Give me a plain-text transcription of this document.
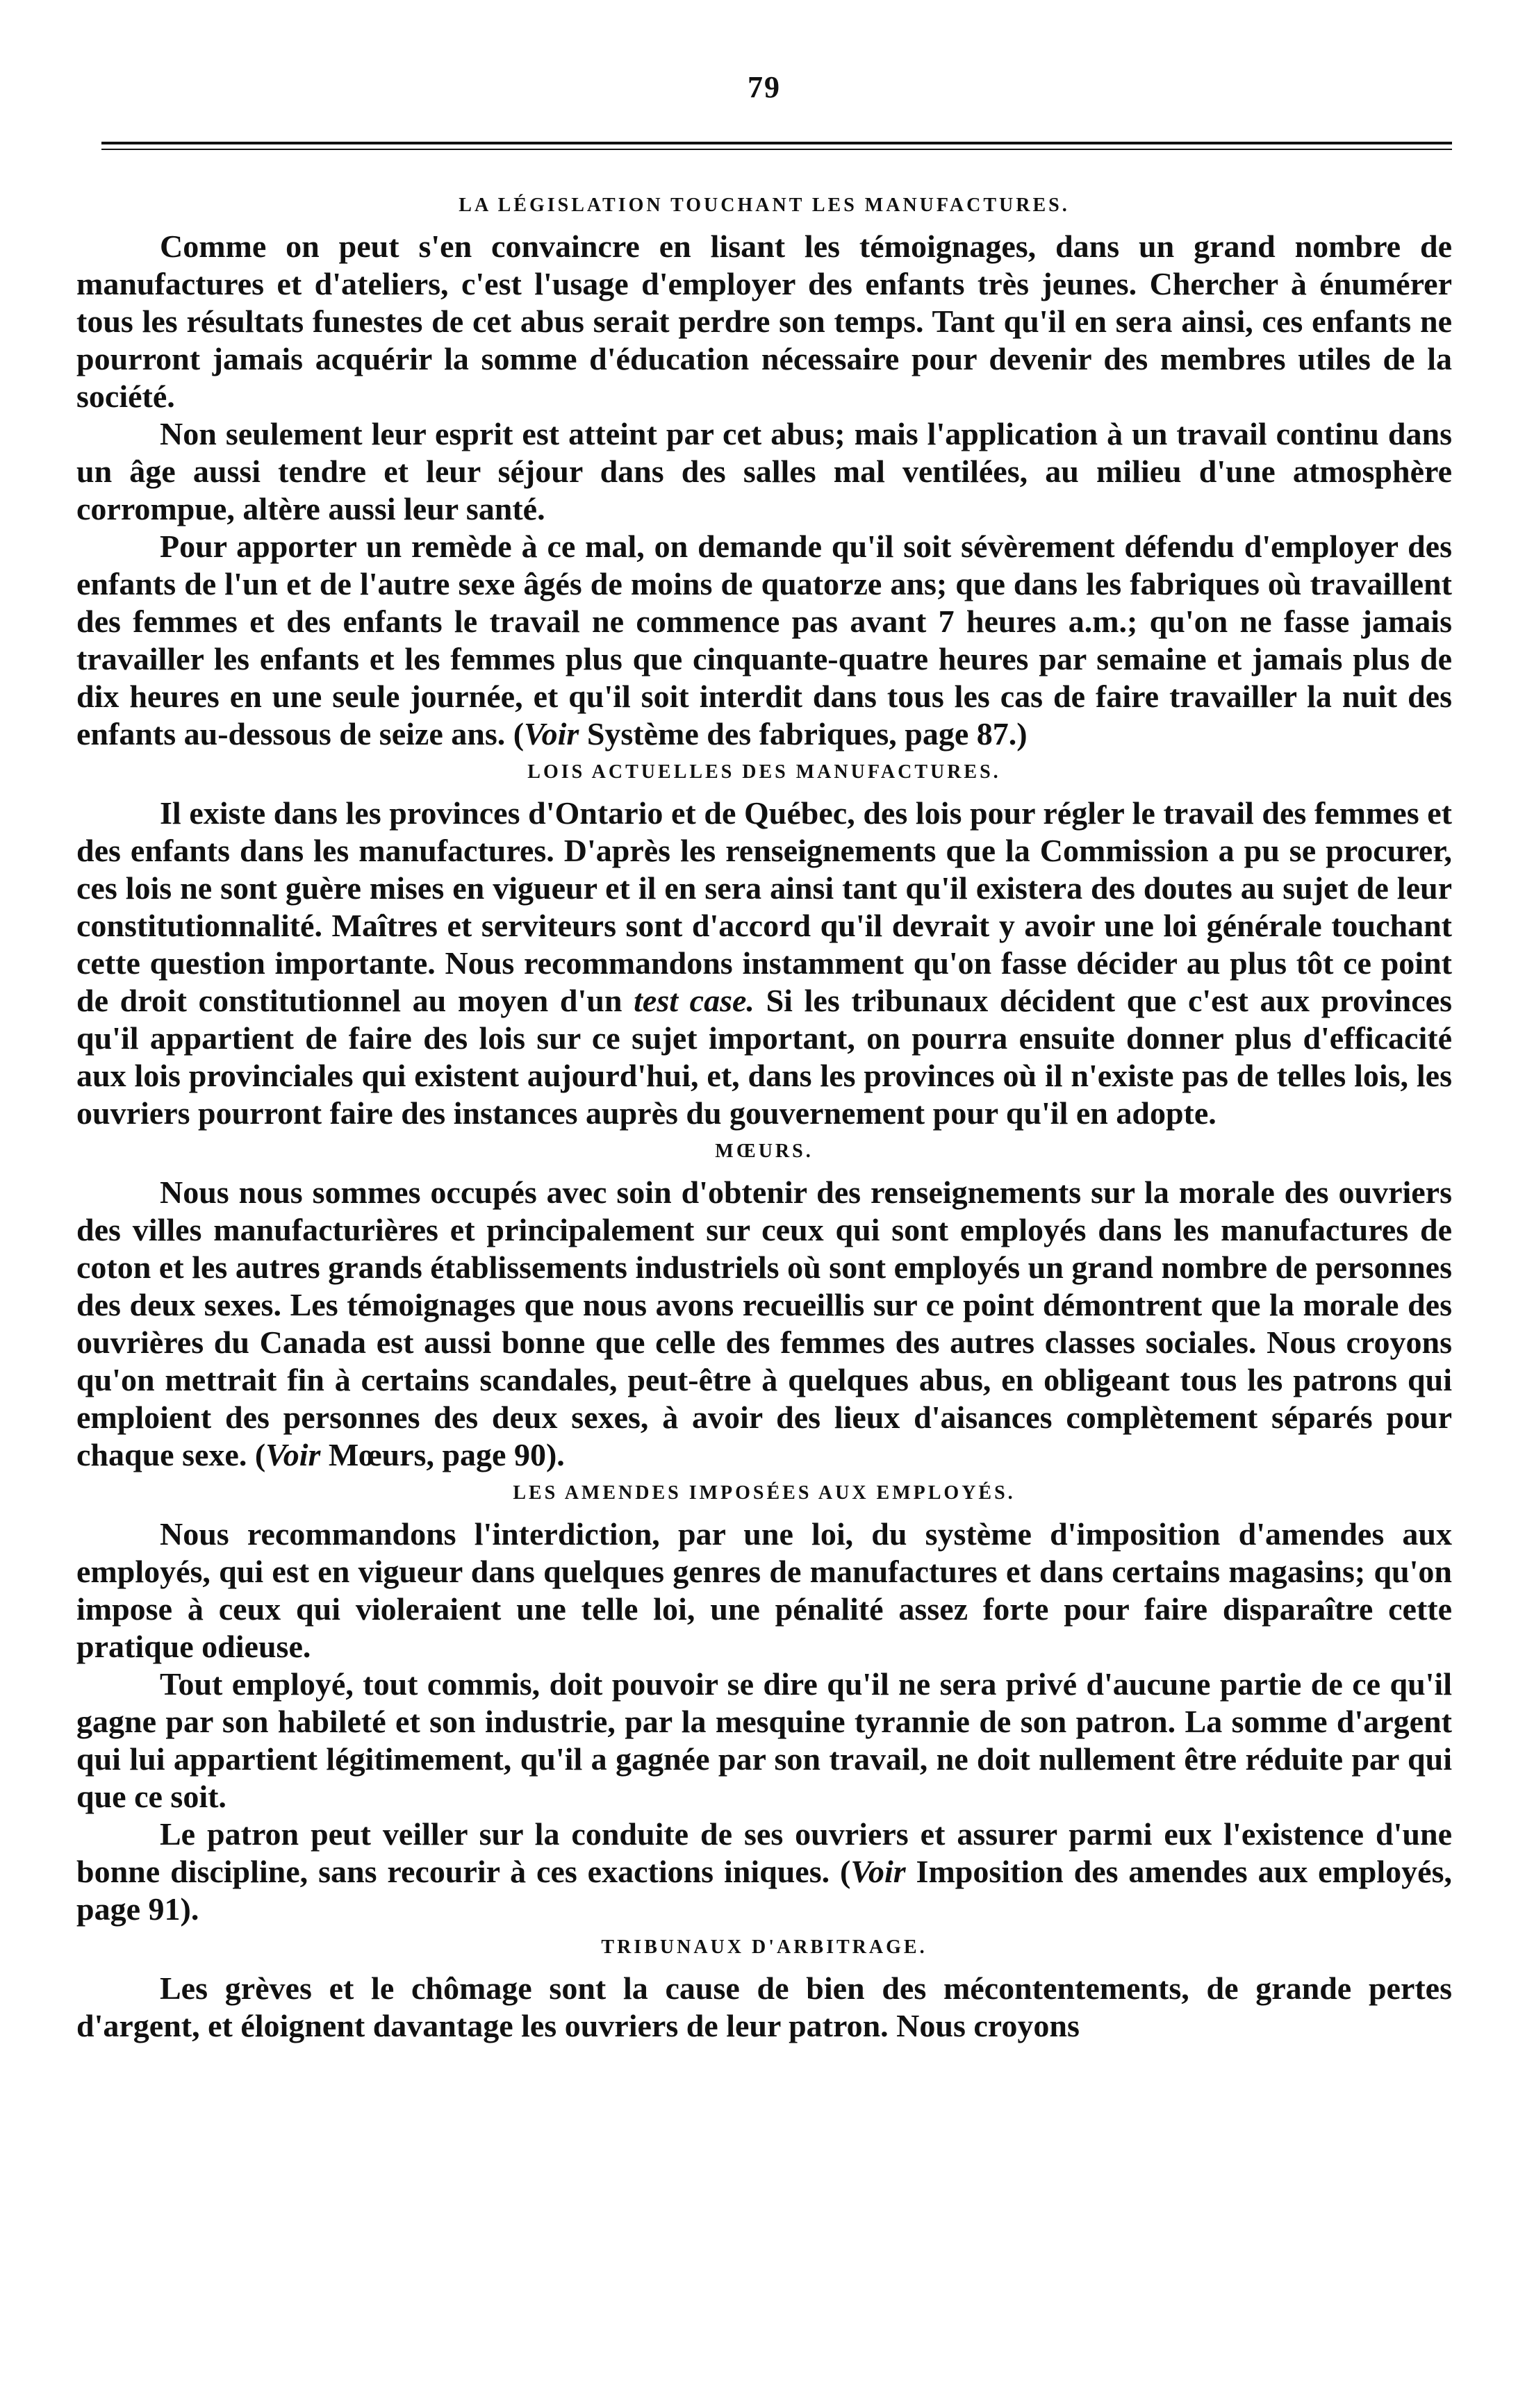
79
LA LÉGISLATION TOUCHANT LES MANUFACTURES.

Comme on peut s'en convaincre en lisant les témoignages, dans un grand nombre de manufactures et d'ateliers, c'est l'usage d'employer des enfants très jeunes. Chercher à énumérer tous les résultats funestes de cet abus serait perdre son temps. Tant qu'il en sera ainsi, ces enfants ne pourront jamais acquérir la somme d'éducation nécessaire pour devenir des membres utiles de la société.

Non seulement leur esprit est atteint par cet abus; mais l'application à un travail continu dans un âge aussi tendre et leur séjour dans des salles mal ventilées, au milieu d'une atmosphère corrompue, altère aussi leur santé.

Pour apporter un remède à ce mal, on demande qu'il soit sévèrement défendu d'employer des enfants de l'un et de l'autre sexe âgés de moins de quatorze ans; que dans les fabriques où travaillent des femmes et des enfants le travail ne commence pas avant 7 heures a.m.; qu'on ne fasse jamais travailler les enfants et les femmes plus que cinquante-quatre heures par semaine et jamais plus de dix heures en une seule journée, et qu'il soit interdit dans tous les cas de faire travailler la nuit des enfants au-dessous de seize ans. (Voir Système des fabriques, page 87.)

LOIS ACTUELLES DES MANUFACTURES.

Il existe dans les provinces d'Ontario et de Québec, des lois pour régler le travail des femmes et des enfants dans les manufactures. D'après les renseignements que la Commission a pu se procurer, ces lois ne sont guère mises en vigueur et il en sera ainsi tant qu'il existera des doutes au sujet de leur constitutionnalité. Maîtres et serviteurs sont d'accord qu'il devrait y avoir une loi générale touchant cette question importante. Nous recommandons instamment qu'on fasse décider au plus tôt ce point de droit constitutionnel au moyen d'un test case. Si les tribunaux décident que c'est aux provinces qu'il appartient de faire des lois sur ce sujet important, on pourra ensuite donner plus d'efficacité aux lois provinciales qui existent aujourd'hui, et, dans les provinces où il n'existe pas de telles lois, les ouvriers pourront faire des instances auprès du gouvernement pour qu'il en adopte.

MŒURS.

Nous nous sommes occupés avec soin d'obtenir des renseignements sur la morale des ouvriers des villes manufacturières et principalement sur ceux qui sont employés dans les manufactures de coton et les autres grands établissements industriels où sont employés un grand nombre de personnes des deux sexes. Les témoignages que nous avons recueillis sur ce point démontrent que la morale des ouvrières du Canada est aussi bonne que celle des femmes des autres classes sociales. Nous croyons qu'on mettrait fin à certains scandales, peut-être à quelques abus, en obligeant tous les patrons qui emploient des personnes des deux sexes, à avoir des lieux d'aisances complètement séparés pour chaque sexe. (Voir Mœurs, page 90).

LES AMENDES IMPOSÉES AUX EMPLOYÉS.

Nous recommandons l'interdiction, par une loi, du système d'imposition d'amendes aux employés, qui est en vigueur dans quelques genres de manufactures et dans certains magasins; qu'on impose à ceux qui violeraient une telle loi, une pénalité assez forte pour faire disparaître cette pratique odieuse.

Tout employé, tout commis, doit pouvoir se dire qu'il ne sera privé d'aucune partie de ce qu'il gagne par son habileté et son industrie, par la mesquine tyrannie de son patron. La somme d'argent qui lui appartient légitimement, qu'il a gagnée par son travail, ne doit nullement être réduite par qui que ce soit.

Le patron peut veiller sur la conduite de ses ouvriers et assurer parmi eux l'existence d'une bonne discipline, sans recourir à ces exactions iniques. (Voir Imposition des amendes aux employés, page 91).

TRIBUNAUX D'ARBITRAGE.

Les grèves et le chômage sont la cause de bien des mécontentements, de grande pertes d'argent, et éloignent davantage les ouvriers de leur patron. Nous croyons
